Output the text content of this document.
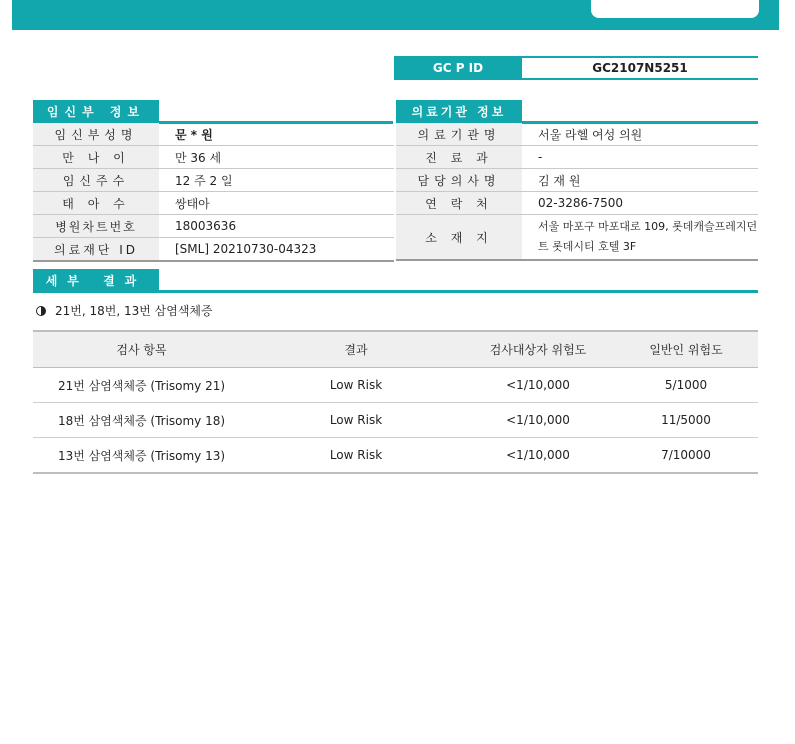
GC P ID	GC2107N5251
임신부 정보
임신부성명	문 * 원
만 나 이	만 36 세
임신주수	12 주 2 일
태 아 수	쌍태아
병원차트번호	18003636
의료재단 ID	[SML] 20210730-04323
의료기관 정보
의료기관명	서울 라헬 여성 의원
진 료 과	-
담당의사명	김 재 원
연 락 처	02-3286-7500
소 재 지	서울 마포구 마포대로 109, 롯데캐슬프레지던트 롯데시티 호텔 3F
세부 결과
21번, 18번, 13번 삼염색체증
검사 항목	결과	검사대상자 위험도	일반인 위험도
21번 삼염색체증 (Trisomy 21)	Low Risk	<1/10,000	5/1000
18번 삼염색체증 (Trisomy 18)	Low Risk	<1/10,000	11/5000
13번 삼염색체증 (Trisomy 13)	Low Risk	<1/10,000	7/10000
